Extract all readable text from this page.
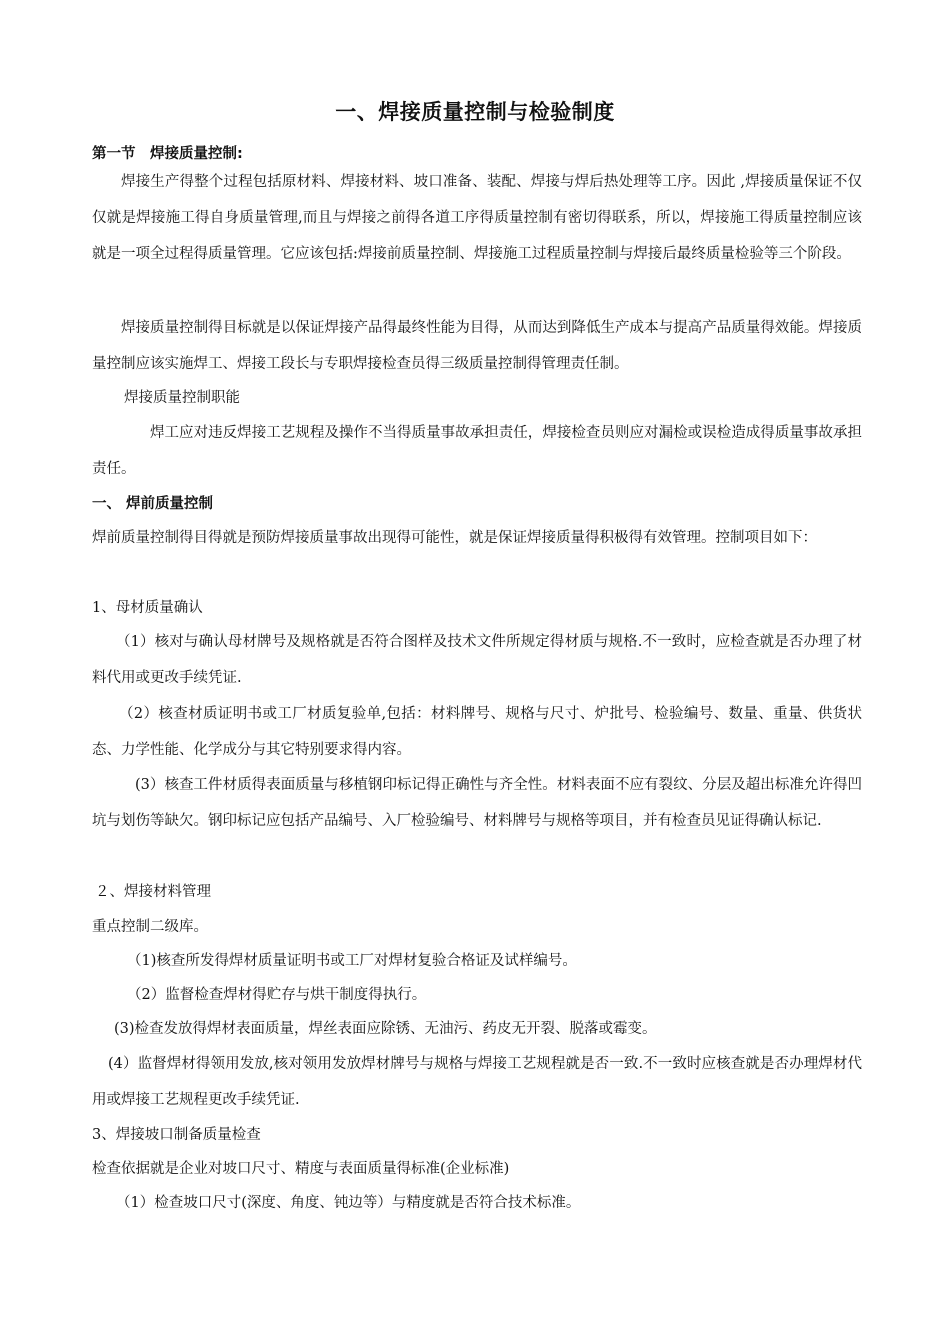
一、焊接质量控制与检验制度
第一节　焊接质量控制:
焊接生产得整个过程包括原材料、焊接材料、坡口准备、装配、焊接与焊后热处理等工序。因此 ,焊接质量保证不仅仅就是焊接施工得自身质量管理,而且与焊接之前得各道工序得质量控制有密切得联系，所以，焊接施工得质量控制应该就是一项全过程得质量管理。它应该包括:焊接前质量控制、焊接施工过程质量控制与焊接后最终质量检验等三个阶段。
焊接质量控制得目标就是以保证焊接产品得最终性能为目得，从而达到降低生产成本与提高产品质量得效能。焊接质量控制应该实施焊工、焊接工段长与专职焊接检查员得三级质量控制得管理责任制。
焊接质量控制职能
焊工应对违反焊接工艺规程及操作不当得质量事故承担责任，焊接检查员则应对漏检或误检造成得质量事故承担责任。
一、 焊前质量控制
焊前质量控制得目得就是预防焊接质量事故出现得可能性，就是保证焊接质量得积极得有效管理。控制项目如下：
1、母材质量确认
（1）核对与确认母材牌号及规格就是否符合图样及技术文件所规定得材质与规格.不一致时，应检查就是否办理了材料代用或更改手续凭证.
（2）核查材质证明书或工厂材质复验单,包括：材料牌号、规格与尺寸、炉批号、检验编号、数量、重量、供货状态、力学性能、化学成分与其它特别要求得内容。
(3）核查工件材质得表面质量与移植钢印标记得正确性与齐全性。材料表面不应有裂纹、分层及超出标准允许得凹坑与划伤等缺欠。钢印标记应包括产品编号、入厂检验编号、材料牌号与规格等项目，并有检查员见证得确认标记.
２、焊接材料管理
重点控制二级库。
（1)核查所发得焊材质量证明书或工厂对焊材复验合格证及试样编号。
（2）监督检查焊材得贮存与烘干制度得执行。
(3)检查发放得焊材表面质量，焊丝表面应除锈、无油污、药皮无开裂、脱落或霉变。
(4）监督焊材得领用发放,核对领用发放焊材牌号与规格与焊接工艺规程就是否一致.不一致时应核查就是否办理焊材代用或焊接工艺规程更改手续凭证.
3、焊接坡口制备质量检查
检查依据就是企业对坡口尺寸、精度与表面质量得标准(企业标准)
（1）检查坡口尺寸(深度、角度、钝边等）与精度就是否符合技术标准。
